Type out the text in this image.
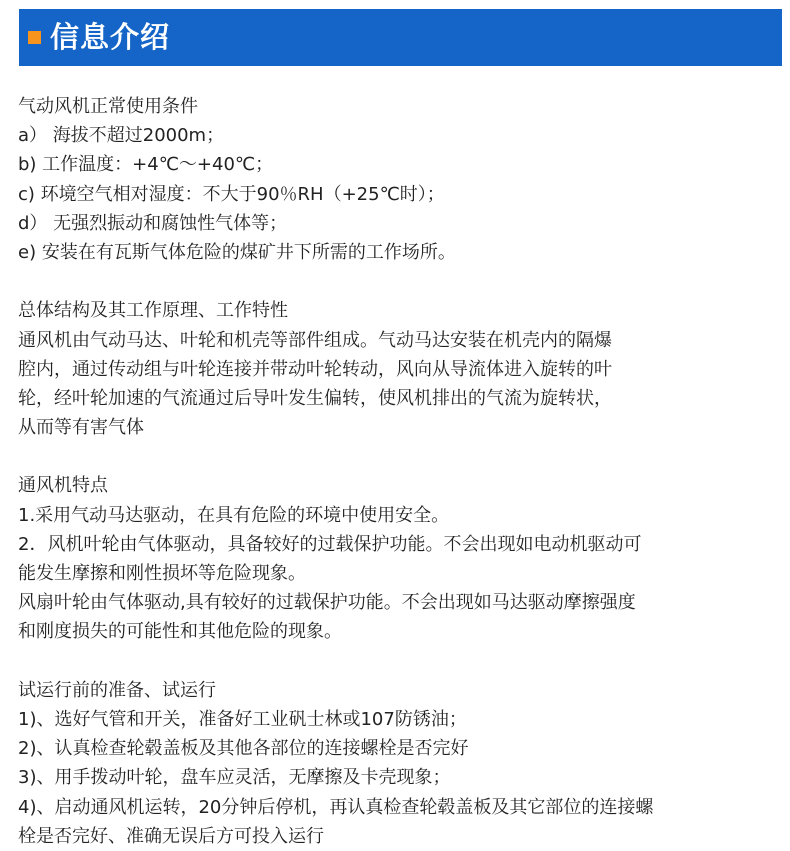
信息介绍
气动风机正常使用条件
a） 海拔不超过2000m；
b) 工作温度：+4℃～+40℃；
c) 环境空气相对湿度：不大于90％RH（+25℃时）；
d） 无强烈振动和腐蚀性气体等；
e) 安装在有瓦斯气体危险的煤矿井下所需的工作场所。
总体结构及其工作原理、工作特性
通风机由气动马达、叶轮和机壳等部件组成。气动马达安装在机壳内的隔爆
腔内，通过传动组与叶轮连接并带动叶轮转动，风向从导流体进入旋转的叶
轮，经叶轮加速的气流通过后导叶发生偏转，使风机排出的气流为旋转状，
从而等有害气体
通风机特点
1.采用气动马达驱动，在具有危险的环境中使用安全。
2．风机叶轮由气体驱动，具备较好的过载保护功能。不会出现如电动机驱动可
能发生摩擦和刚性损坏等危险现象。
风扇叶轮由气体驱动,具有较好的过载保护功能。不会出现如马达驱动摩擦强度
和刚度损失的可能性和其他危险的现象。
试运行前的准备、试运行
1)、选好气管和开关，准备好工业矾士林或107防锈油；
2)、认真检查轮毂盖板及其他各部位的连接螺栓是否完好
3)、用手拨动叶轮，盘车应灵活，无摩擦及卡壳现象；
4)、启动通风机运转，20分钟后停机，再认真检查轮毂盖板及其它部位的连接螺
栓是否完好、准确无误后方可投入运行
